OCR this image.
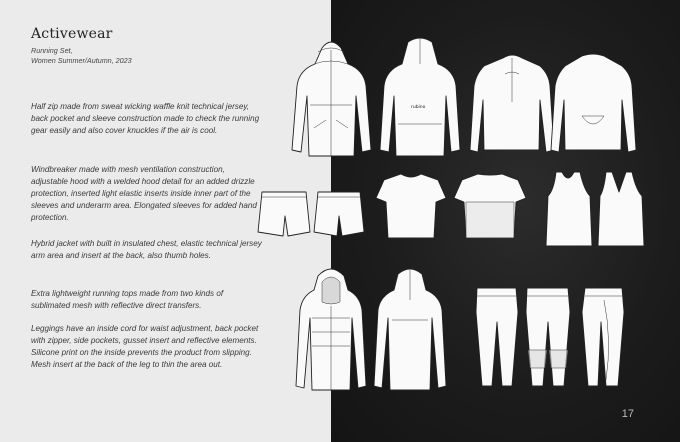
Activewear
Running Set,
Women Summer/Autumn, 2023
Half zip made from sweat wicking waffle knit technical jersey, back pocket and sleeve construction made to check the running gear easily and also cover knuckles if the air is cool.
Windbreaker made with mesh ventilation construction, adjustable hood with a welded hood detail for an added drizzle protection, inserted light elastic inserts inside inner part of the sleeves and underarm area. Elongated sleeves for added hand protection.
Hybrid jacket with built in insulated chest, elastic technical jersey arm area and insert at the back, also thumb holes.
Extra lightweight running tops made from two kinds of sublimated mesh with reflective direct transfers.
Leggings have an inside cord for waist adjustment, back pocket with zipper, side pockets, gusset insert and reflective elements. Silicone print on the inside prevents the product from slipping. Mesh insert at the back of the leg to thin the area out.
rubino
17
